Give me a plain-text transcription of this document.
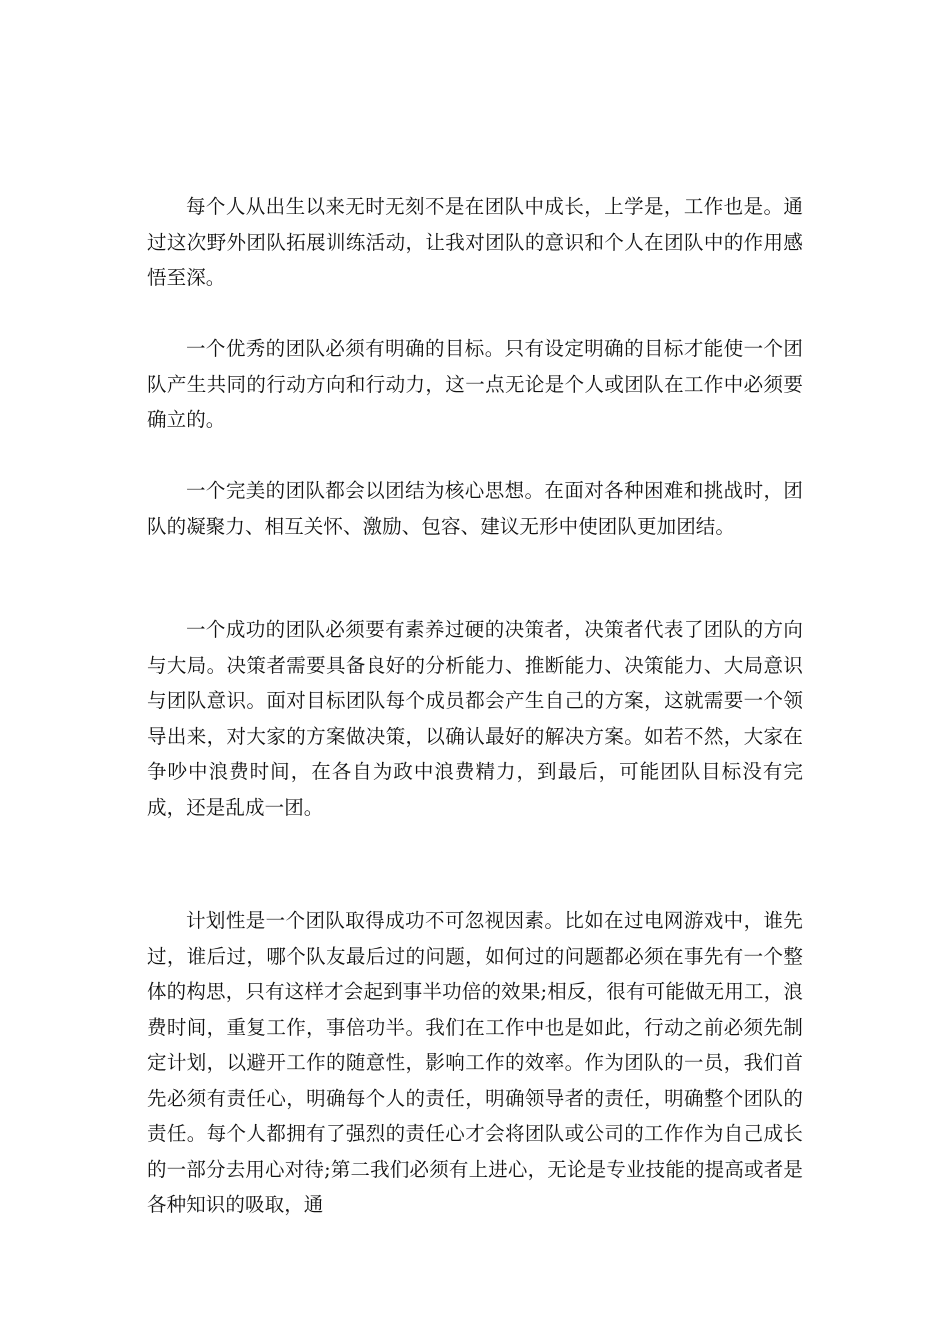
每个人从出生以来无时无刻不是在团队中成长，上学是，工作也是。通过这次野外团队拓展训练活动，让我对团队的意识和个人在团队中的作用感悟至深。

一个优秀的团队必须有明确的目标。只有设定明确的目标才能使一个团队产生共同的行动方向和行动力，这一点无论是个人或团队在工作中必须要确立的。

一个完美的团队都会以团结为核心思想。在面对各种困难和挑战时，团队的凝聚力、相互关怀、激励、包容、建议无形中使团队更加团结。

一个成功的团队必须要有素养过硬的决策者，决策者代表了团队的方向与大局。决策者需要具备良好的分析能力、推断能力、决策能力、大局意识与团队意识。面对目标团队每个成员都会产生自己的方案，这就需要一个领导出来，对大家的方案做决策，以确认最好的解决方案。如若不然，大家在争吵中浪费时间，在各自为政中浪费精力，到最后，可能团队目标没有完成，还是乱成一团。

计划性是一个团队取得成功不可忽视因素。比如在过电网游戏中，谁先过，谁后过，哪个队友最后过的问题，如何过的问题都必须在事先有一个整体的构思，只有这样才会起到事半功倍的效果;相反，很有可能做无用工，浪费时间，重复工作，事倍功半。我们在工作中也是如此，行动之前必须先制定计划，以避开工作的随意性，影响工作的效率。作为团队的一员，我们首先必须有责任心，明确每个人的责任，明确领导者的责任，明确整个团队的责任。每个人都拥有了强烈的责任心才会将团队或公司的工作作为自己成长的一部分去用心对待;第二我们必须有上进心，无论是专业技能的提高或者是各种知识的吸取，通
